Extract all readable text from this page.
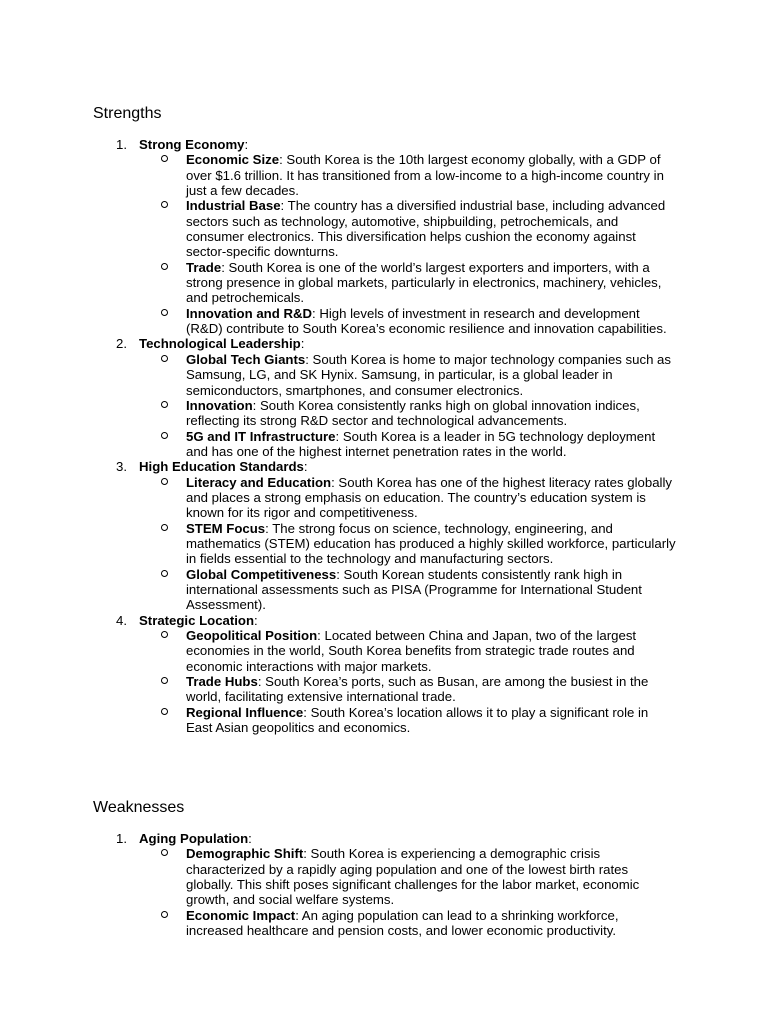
Strengths
1. Strong Economy:
Economic Size: South Korea is the 10th largest economy globally, with a GDP of over $1.6 trillion. It has transitioned from a low-income to a high-income country in just a few decades.
Industrial Base: The country has a diversified industrial base, including advanced sectors such as technology, automotive, shipbuilding, petrochemicals, and consumer electronics. This diversification helps cushion the economy against sector-specific downturns.
Trade: South Korea is one of the world’s largest exporters and importers, with a strong presence in global markets, particularly in electronics, machinery, vehicles, and petrochemicals.
Innovation and R&D: High levels of investment in research and development (R&D) contribute to South Korea’s economic resilience and innovation capabilities.
2. Technological Leadership:
Global Tech Giants: South Korea is home to major technology companies such as Samsung, LG, and SK Hynix. Samsung, in particular, is a global leader in semiconductors, smartphones, and consumer electronics.
Innovation: South Korea consistently ranks high on global innovation indices, reflecting its strong R&D sector and technological advancements.
5G and IT Infrastructure: South Korea is a leader in 5G technology deployment and has one of the highest internet penetration rates in the world.
3. High Education Standards:
Literacy and Education: South Korea has one of the highest literacy rates globally and places a strong emphasis on education. The country’s education system is known for its rigor and competitiveness.
STEM Focus: The strong focus on science, technology, engineering, and mathematics (STEM) education has produced a highly skilled workforce, particularly in fields essential to the technology and manufacturing sectors.
Global Competitiveness: South Korean students consistently rank high in international assessments such as PISA (Programme for International Student Assessment).
4. Strategic Location:
Geopolitical Position: Located between China and Japan, two of the largest economies in the world, South Korea benefits from strategic trade routes and economic interactions with major markets.
Trade Hubs: South Korea’s ports, such as Busan, are among the busiest in the world, facilitating extensive international trade.
Regional Influence: South Korea’s location allows it to play a significant role in East Asian geopolitics and economics.
Weaknesses
1. Aging Population:
Demographic Shift: South Korea is experiencing a demographic crisis characterized by a rapidly aging population and one of the lowest birth rates globally. This shift poses significant challenges for the labor market, economic growth, and social welfare systems.
Economic Impact: An aging population can lead to a shrinking workforce, increased healthcare and pension costs, and lower economic productivity.
